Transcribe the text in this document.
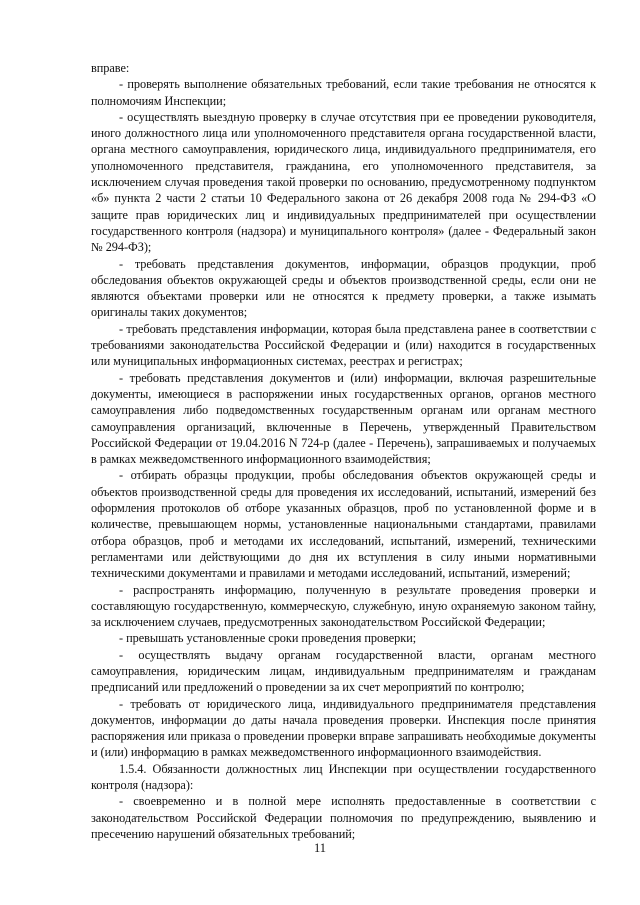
вправе:

- проверять выполнение обязательных требований, если такие требования не относятся к полномочиям Инспекции;

- осуществлять выездную проверку в случае отсутствия при ее проведении руководителя, иного должностного лица или уполномоченного представителя органа государственной власти, органа местного самоуправления, юридического лица, индивидуального предпринимателя, его уполномоченного представителя, гражданина, его уполномоченного представителя, за исключением случая проведения такой проверки по основанию, предусмотренному подпунктом «б» пункта 2 части 2 статьи 10 Федерального закона от 26 декабря 2008 года № 294-ФЗ «О защите прав юридических лиц и индивидуальных предпринимателей при осуществлении государственного контроля (надзора) и муниципального контроля» (далее - Федеральный закон № 294-ФЗ);

- требовать представления документов, информации, образцов продукции, проб обследования объектов окружающей среды и объектов производственной среды, если они не являются объектами проверки или не относятся к предмету проверки, а также изымать оригиналы таких документов;

- требовать представления информации, которая была представлена ранее в соответствии с требованиями законодательства Российской Федерации и (или) находится в государственных или муниципальных информационных системах, реестрах и регистрах;

- требовать представления документов и (или) информации, включая разрешительные документы, имеющиеся в распоряжении иных государственных органов, органов местного самоуправления либо подведомственных государственным органам или органам местного самоуправления организаций, включенные в Перечень, утвержденный Правительством Российской Федерации от 19.04.2016 N 724-р (далее - Перечень), запрашиваемых и получаемых в рамках межведомственного информационного взаимодействия;

- отбирать образцы продукции, пробы обследования объектов окружающей среды и объектов производственной среды для проведения их исследований, испытаний, измерений без оформления протоколов об отборе указанных образцов, проб по установленной форме и в количестве, превышающем нормы, установленные национальными стандартами, правилами отбора образцов, проб и методами их исследований, испытаний, измерений, техническими регламентами или действующими до дня их вступления в силу иными нормативными техническими документами и правилами и методами исследований, испытаний, измерений;

- распространять информацию, полученную в результате проведения проверки и составляющую государственную, коммерческую, служебную, иную охраняемую законом тайну, за исключением случаев, предусмотренных законодательством Российской Федерации;

- превышать установленные сроки проведения проверки;

- осуществлять выдачу органам государственной власти, органам местного самоуправления, юридическим лицам, индивидуальным предпринимателям и гражданам предписаний или предложений о проведении за их счет мероприятий по контролю;

- требовать от юридического лица, индивидуального предпринимателя представления документов, информации до даты начала проведения проверки. Инспекция после принятия распоряжения или приказа о проведении проверки вправе запрашивать необходимые документы и (или) информацию в рамках межведомственного информационного взаимодействия.

1.5.4. Обязанности должностных лиц Инспекции при осуществлении государственного контроля (надзора):

- своевременно и в полной мере исполнять предоставленные в соответствии с законодательством Российской Федерации полномочия по предупреждению, выявлению и пресечению нарушений обязательных требований;

11
